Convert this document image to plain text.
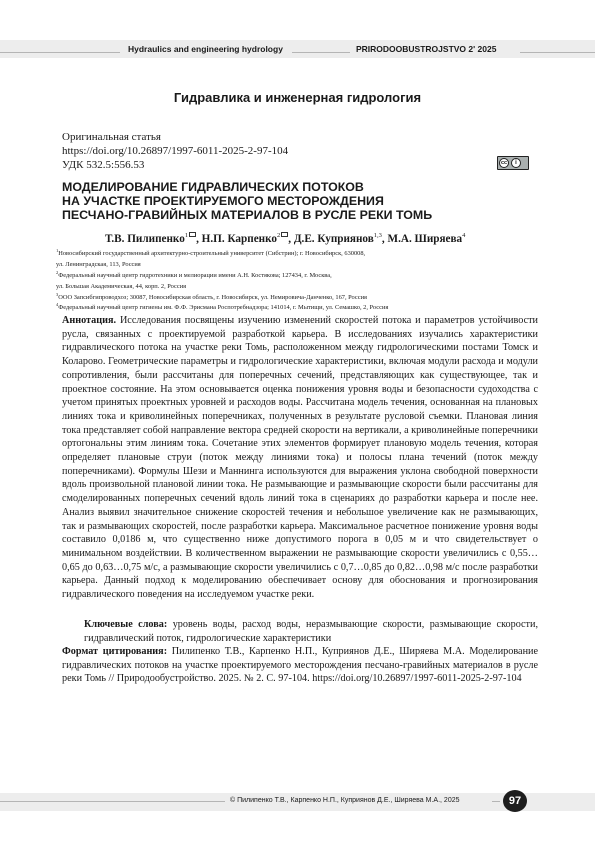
Hydraulics and engineering hydrology	PRIRODOOBUSTROJSTVO 2' 2025
Гидравлика и инженерная гидрология
Оригинальная статья
https://doi.org/10.26897/1997-6011-2025-2-97-104
УДК 532.5:556.53	cc	i
МОДЕЛИРОВАНИЕ ГИДРАВЛИЧЕСКИХ ПОТОКОВ
НА УЧАСТКЕ ПРОЕКТИРУЕМОГО МЕСТОРОЖДЕНИЯ
ПЕСЧАНО-ГРАВИЙНЫХ МАТЕРИАЛОВ В РУСЛЕ РЕКИ ТОМЬ
Т.В. Пилипенко$^1$ , Н.П. Карпенко$^2$ , Д.Е. Куприянов$^{1,3}$, М.А. Ширяева$^4$
$^1$Новосибирский государственный архитектурно-строительный университет (Сибстрин); г. Новосибирск, 630008,
ул. Ленинградская, 113, Россия
$^2$Федеральный научный центр гидротехники и мелиорации имени А.Н. Костякова; 127434, г. Москва,
ул. Большая Академическая, 44, корп. 2, Россия
$^3$ООО Запсибгипроводхоз; 30087, Новосибирская область, г. Новосибирск, ул. Немировича-Данченко, 167, Россия
$^4$Федеральный научный центр гигиены им. Ф.Ф. Эрисмана Роспотребнадзора; 141014, г. Мытищи, ул. Семашко, 2, Россия

Аннотация. Исследования посвящены изучению изменений скоростей потока и параметров устойчивости русла, связанных с проектируемой разработкой карьера. В исследованиях изучались характеристики гидравлического потока на участке реки Томь, расположенном между гидрологическими постами Томск и Коларово. Геометрические параметры и гидрологические характеристики, включая модули расхода и модули сопротивления, были рассчитаны для поперечных сечений, представляющих как существующее, так и проектное состояние. На этом основывается оценка понижения уровня воды и безопасности судоходства с учетом принятых проектных уровней и расходов воды. Рассчитана модель течения, основанная на плановых линиях тока и криволинейных поперечниках, полученных в результате русловой съемки. Плановая линия тока представляет собой направление вектора средней скорости на вертикали, а криволинейные поперечники ортогональны этим линиям тока. Сочетание этих элементов формирует плановую модель течения, которая определяет плановые струи (поток между линиями тока) и полосы плана течений (поток между поперечниками). Формулы Шези и Маннинга используются для выражения уклона свободной поверхности вдоль произвольной плановой линии тока. Не размывающие и размывающие скорости были рассчитаны для смоделированных поперечных сечений вдоль линий тока в сценариях до разработки карьера и после нее. Анализ выявил значительное снижение скоростей течения и небольшое увеличение как не размывающих, так и размывающих скоростей, после разработки карьера. Максимальное расчетное понижение уровня воды составило 0,0186 м, что существенно ниже допустимого порога в 0,05 м и что свидетельствует о минимальном воздействии. В количественном выражении не размывающие скорости увеличились с 0,55…0,65 до 0,63…0,75 м/с, а размывающие скорости увеличились с 0,7…0,85 до 0,82…0,98 м/с после разработки карьера. Данный подход к моделированию обеспечивает основу для обоснования и прогнозирования гидравлического поведения на исследуемом участке реки.

Ключевые слова: уровень воды, расход воды, неразмывающие скорости, размывающие скорости, гидравлический поток, гидрологические характеристики

Формат цитирования: Пилипенко Т.В., Карпенко Н.П., Куприянов Д.Е., Ширяева М.А. Моделирование гидравлических потоков на участке проектируемого месторождения песчано-гравийных материалов в русле реки Томь // Природообустройство. 2025. № 2. С. 97-104. https://doi.org/10.26897/1997-6011-2025-2-97-104

© Пилипенко Т.В., Карпенко Н.П., Куприянов Д.Е., Ширяева М.А., 2025	97
